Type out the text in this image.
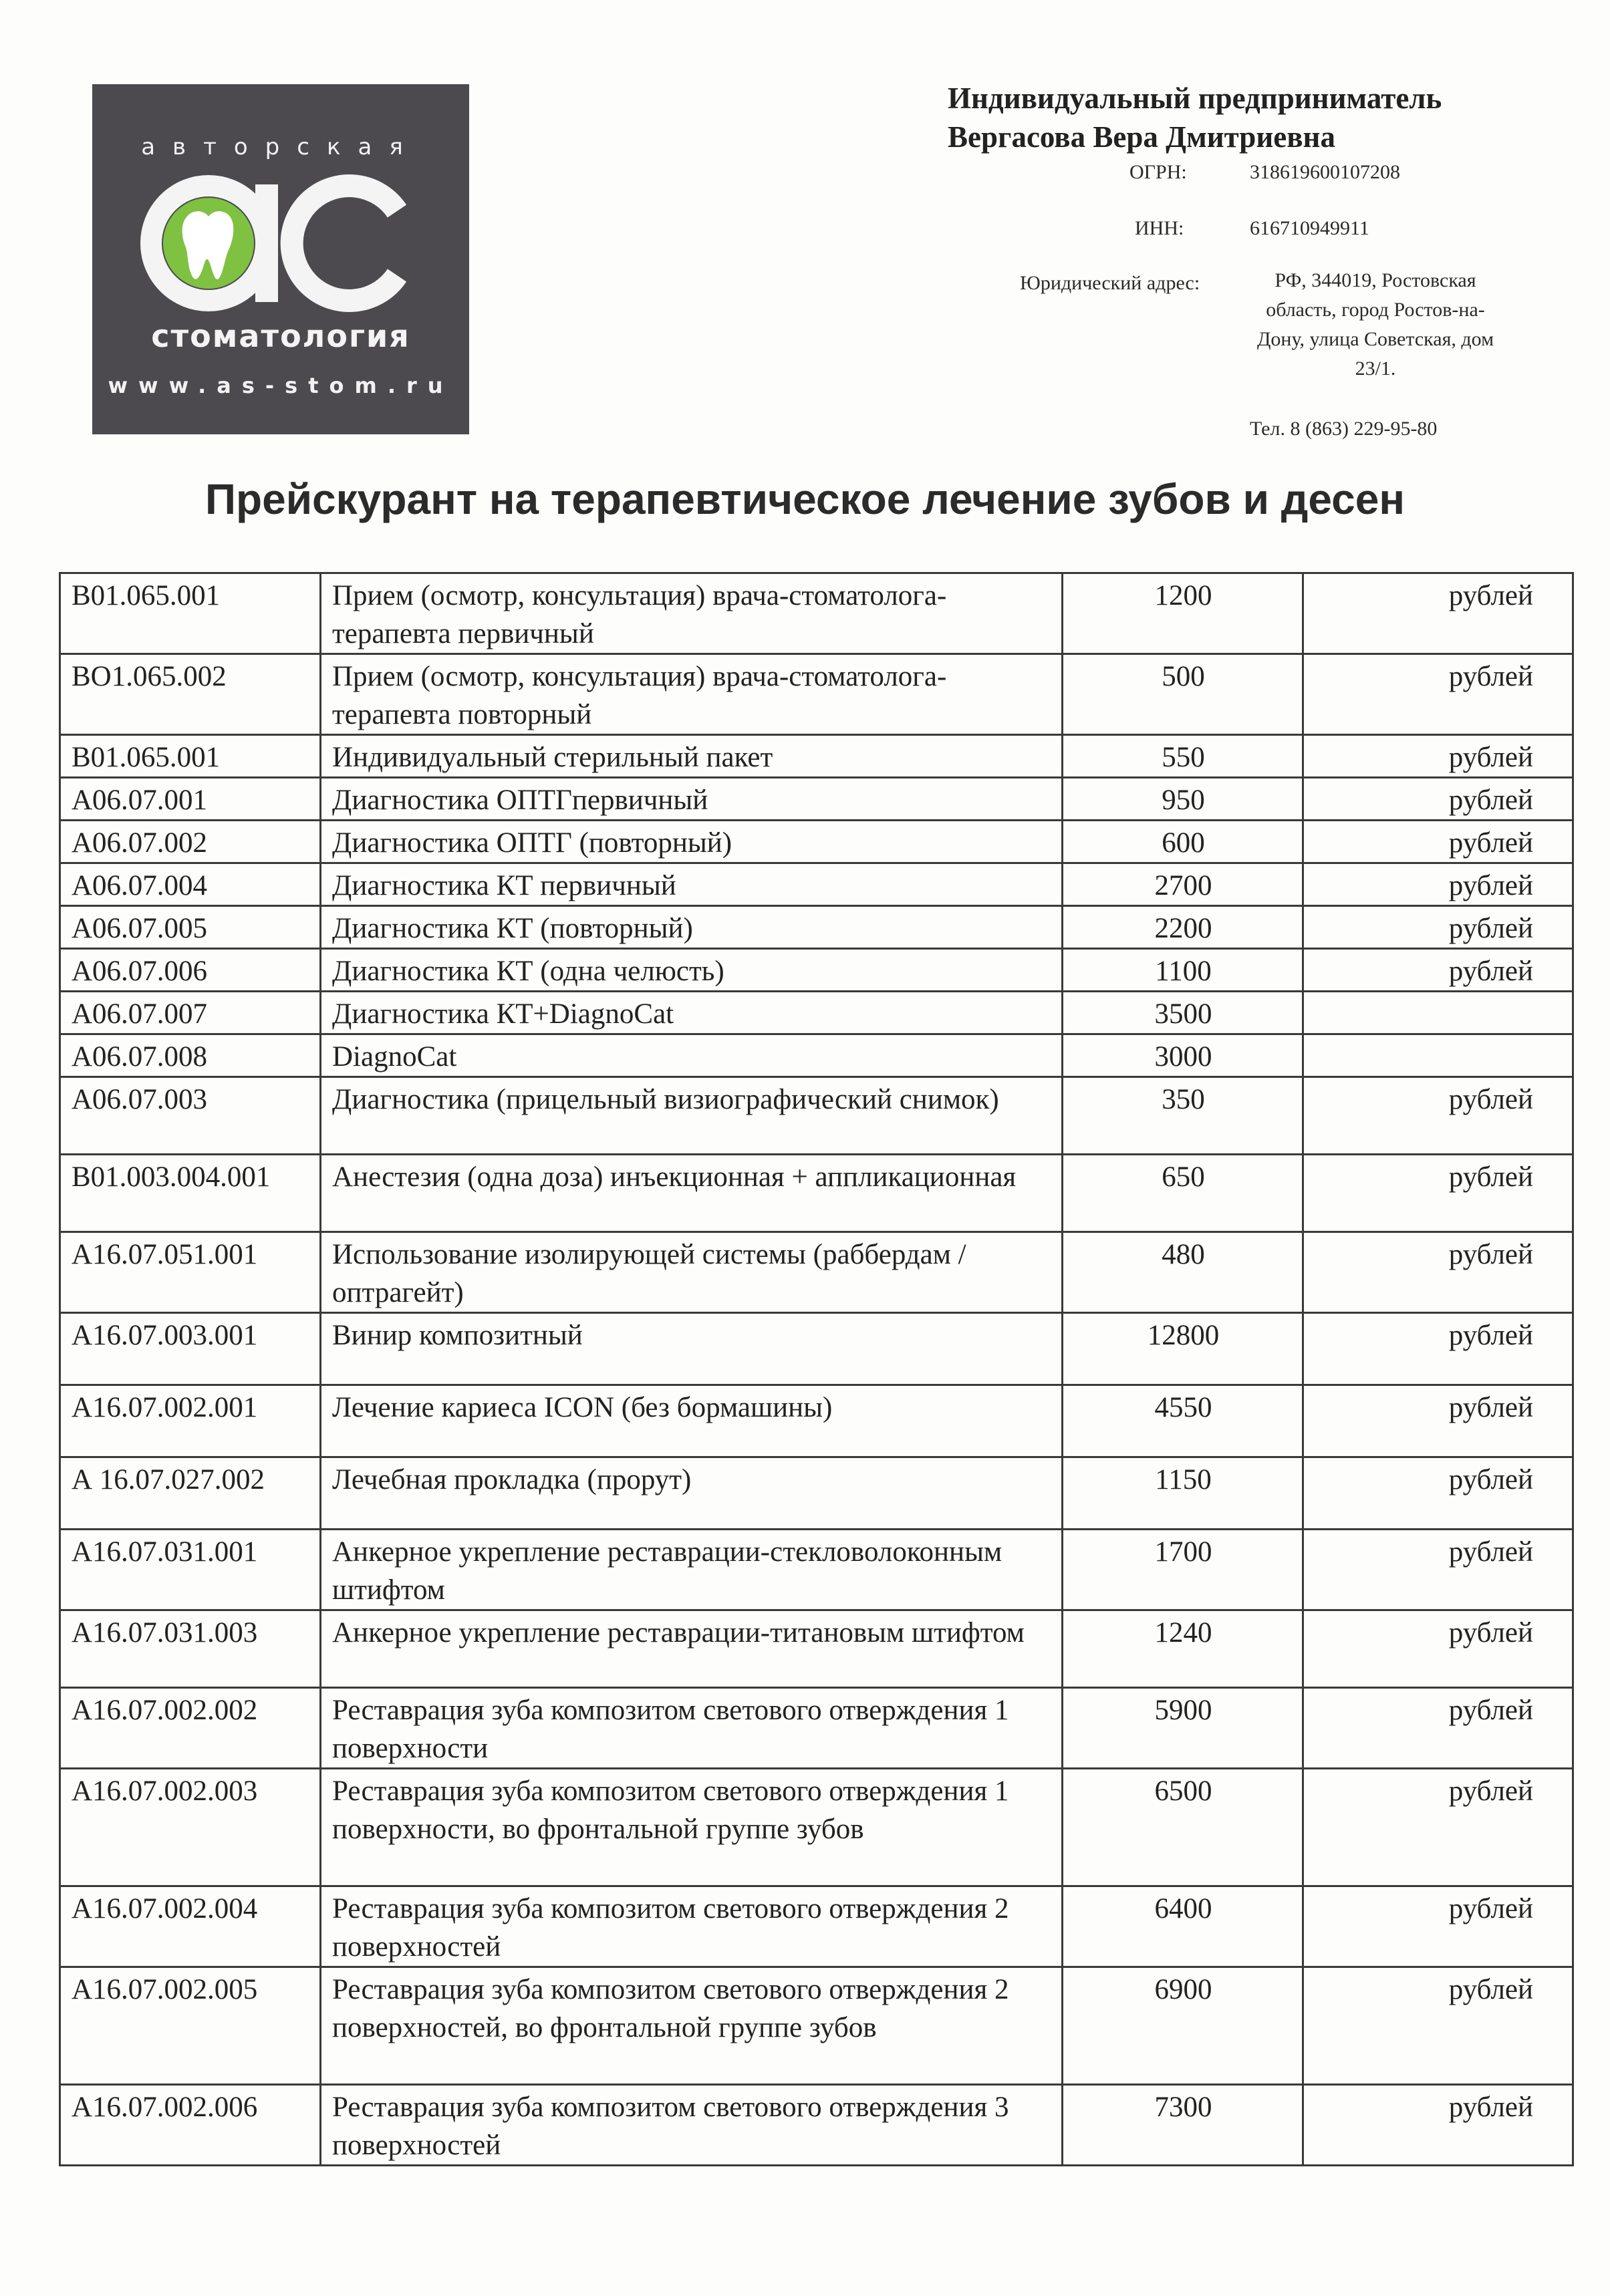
авторская
стоматология
www.as-stom.ru
Индивидуальный предприниматель
Вергасова Вера Дмитриевна
ОГРН:	318619600107208
ИНН:	616710949911
Юридический адрес:	РФ, 344019, Ростовская область, город Ростов-на-Дону, улица Советская, дом 23/1.
Тел. 8 (863) 229-95-80
Прейскурант на терапевтическое лечение зубов и десен
В01.065.001	Прием (осмотр, консультация) врача-стоматолога-терапевта первичный	1200	рублей
ВО1.065.002	Прием (осмотр, консультация) врача-стоматолога-терапевта повторный	500	рублей
В01.065.001	Индивидуальный стерильный пакет	550	рублей
А06.07.001	Диагностика ОПТГпервичный	950	рублей
А06.07.002	Диагностика ОПТГ (повторный)	600	рублей
А06.07.004	Диагностика КТ первичный	2700	рублей
А06.07.005	Диагностика КТ (повторный)	2200	рублей
А06.07.006	Диагностика КТ (одна челюсть)	1100	рублей
А06.07.007	Диагностика КТ+DiagnoCat	3500	
А06.07.008	DiagnoCat	3000	
А06.07.003	Диагностика (прицельный визиографический снимок)	350	рублей
В01.003.004.001	Анестезия (одна доза) инъекционная + аппликационная	650	рублей
А16.07.051.001	Использование изолирующей системы (раббердам / оптрагейт)	480	рублей
А16.07.003.001	Винир композитный	12800	рублей
А16.07.002.001	Лечение кариеса ICON (без бормашины)	4550	рублей
А 16.07.027.002	Лечебная прокладка (прорут)	1150	рублей
А16.07.031.001	Анкерное укрепление реставрации-стекловолоконным штифтом	1700	рублей
А16.07.031.003	Анкерное укрепление реставрации-титановым штифтом	1240	рублей
А16.07.002.002	Реставрация зуба композитом светового отверждения 1 поверхности	5900	рублей
А16.07.002.003	Реставрация зуба композитом светового отверждения 1 поверхности, во фронтальной группе зубов	6500	рублей
А16.07.002.004	Реставрация зуба композитом светового отверждения 2 поверхностей	6400	рублей
А16.07.002.005	Реставрация зуба композитом светового отверждения 2 поверхностей, во фронтальной группе зубов	6900	рублей
А16.07.002.006	Реставрация зуба композитом светового отверждения 3 поверхностей	7300	рублей
